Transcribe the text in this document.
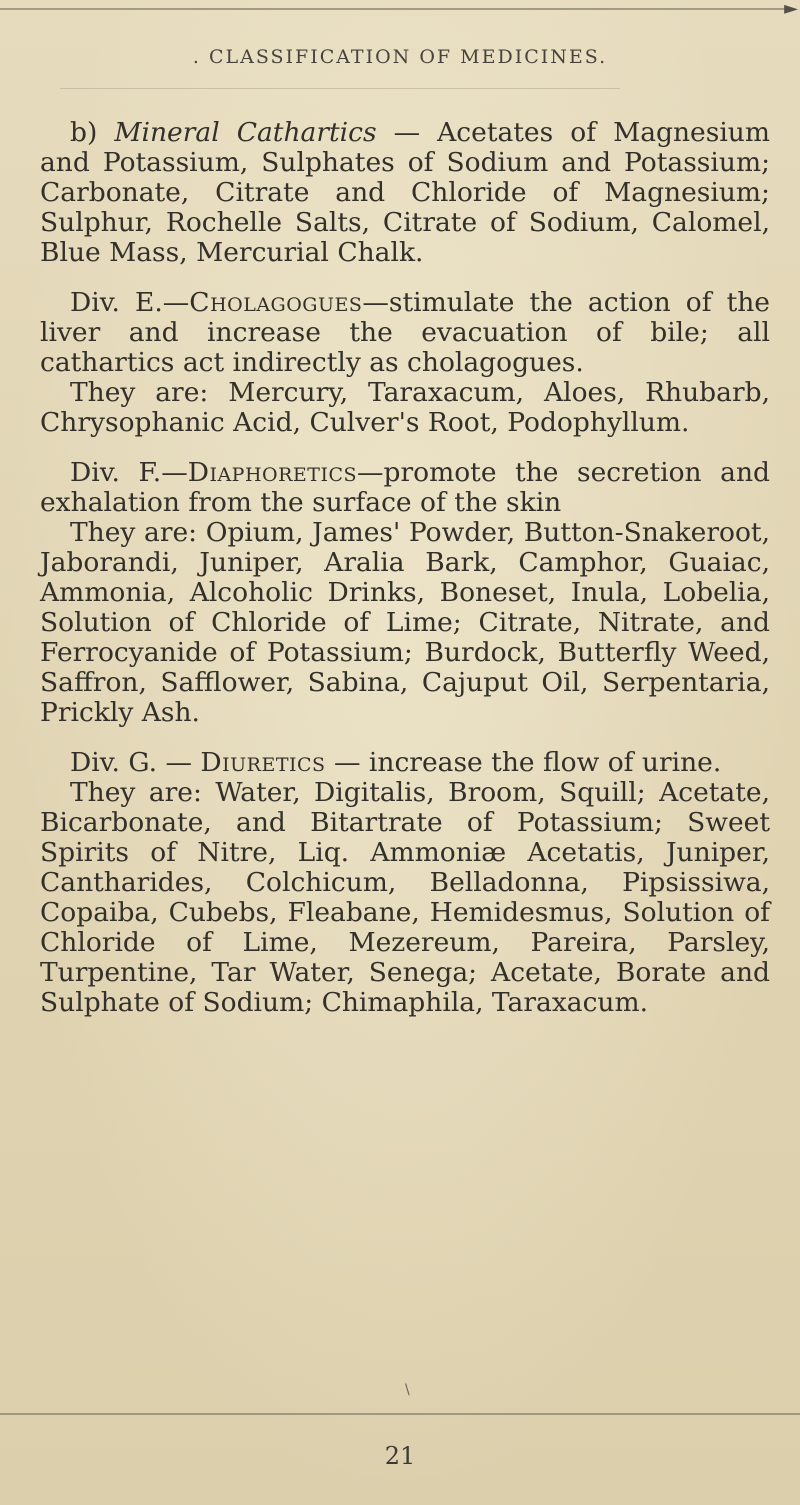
►
. CLASSIFICATION OF MEDICINES.

b) Mineral Cathartics — Acetates of Magnesium and Potassium, Sulphates of Sodium and Potassium; Carbonate, Citrate and Chloride of Magnesium; Sulphur, Rochelle Salts, Citrate of Sodium, Calomel, Blue Mass, Mercurial Chalk.

Div. E.—Cholagogues—stimulate the action of the liver and increase the evacuation of bile; all cathartics act indirectly as cholagogues.
They are: Mercury, Taraxacum, Aloes, Rhubarb, Chrysophanic Acid, Culver's Root, Podophyllum.

Div. F.—Diaphoretics—promote the secretion and exhalation from the surface of the skin
They are: Opium, James' Powder, Button-Snakeroot, Jaborandi, Juniper, Aralia Bark, Camphor, Guaiac, Ammonia, Alcoholic Drinks, Boneset, Inula, Lobelia, Solution of Chloride of Lime; Citrate, Nitrate, and Ferrocyanide of Potassium; Burdock, Butterfly Weed, Saffron, Safflower, Sabina, Cajuput Oil, Serpentaria, Prickly Ash.

Div. G. — Diuretics — increase the flow of urine.
They are: Water, Digitalis, Broom, Squill; Acetate, Bicarbonate, and Bitartrate of Potassium; Sweet Spirits of Nitre, Liq. Ammoniæ Acetatis, Juniper, Cantharides, Colchicum, Belladonna, Pipsissiwa, Copaiba, Cubebs, Fleabane, Hemidesmus, Solution of Chloride of Lime, Mezereum, Pareira, Parsley, Turpentine, Tar Water, Senega; Acetate, Borate and Sulphate of Sodium; Chimaphila, Taraxacum.

\
21
